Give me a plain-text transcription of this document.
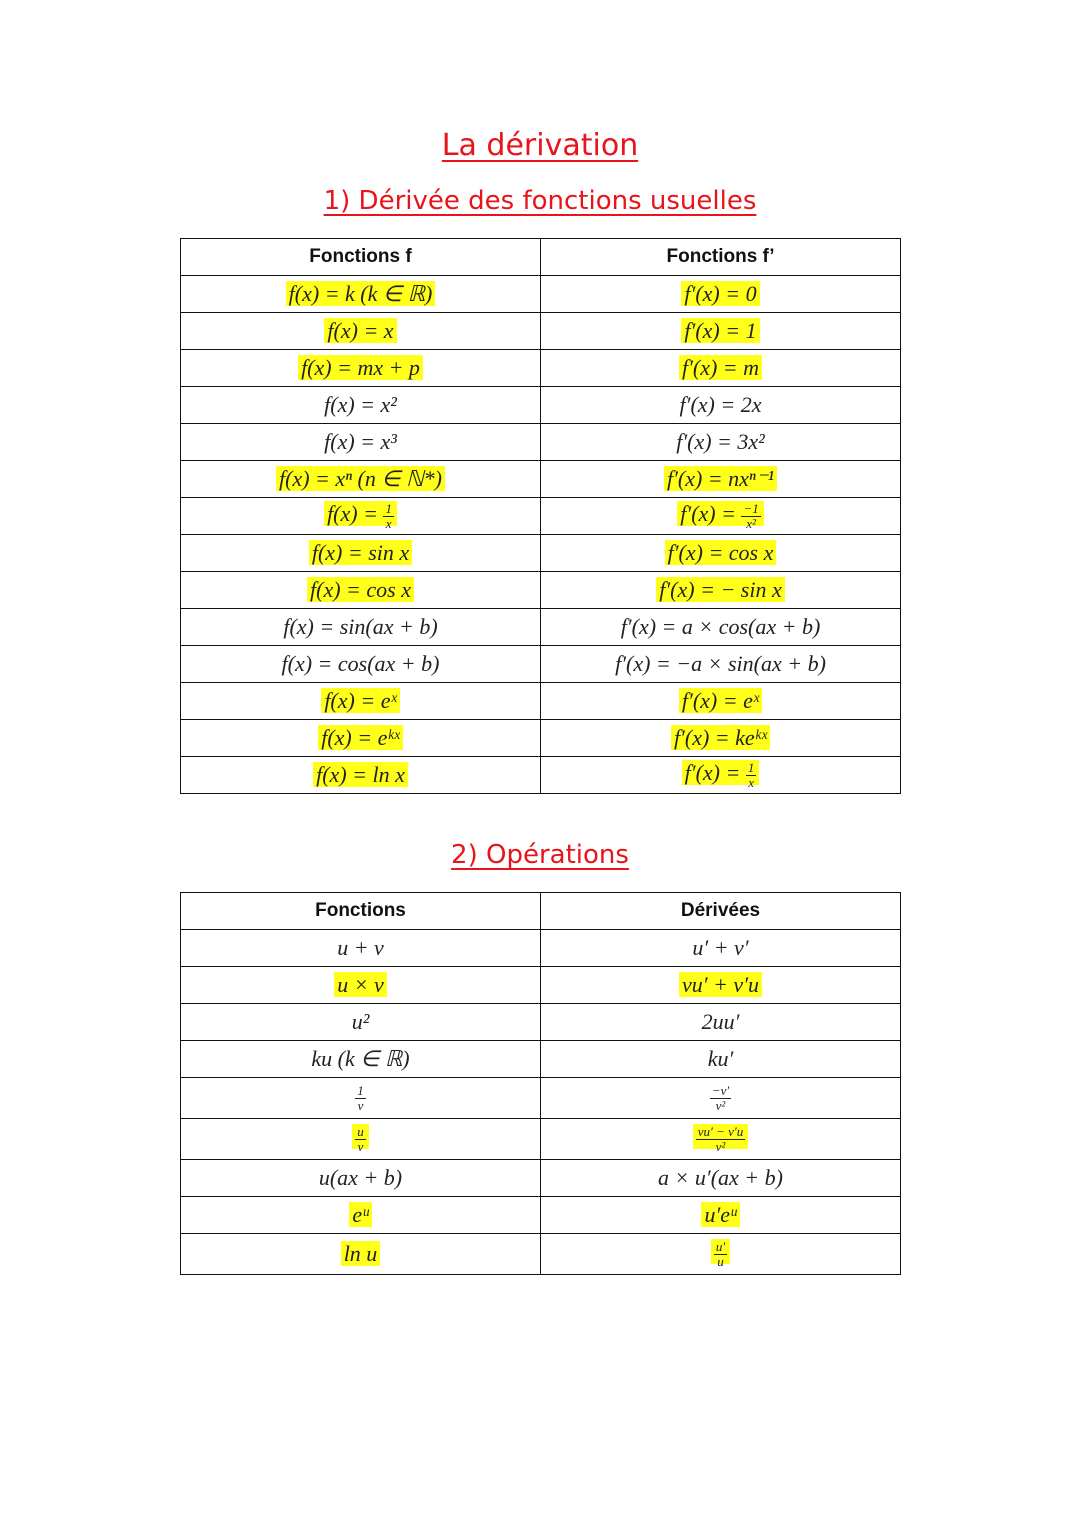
La dérivation
1) Dérivée des fonctions usuelles
Fonctions f	Fonctions f’
f(x) = k (k ∈ ℝ)	f′(x) = 0
f(x) = x	f′(x) = 1
f(x) = mx + p	f′(x) = m
f(x) = x²	f′(x) = 2x
f(x) = x³	f′(x) = 3x²
f(x) = xⁿ (n ∈ ℕ*)	f′(x) = nxⁿ⁻¹
$f(x) = \frac{1}{x}$	$f'(x) = \frac{-1}{\text{x²}}$

f(x) = sin x	f′(x) = cos x
f(x) = cos x	f′(x) = − sin x
f(x) = sin(ax + b)	f′(x) = a × cos(ax + b)
f(x) = cos(ax + b)	f′(x) = −a × sin(ax + b)
f(x) = eˣ	f′(x) = eˣ
f(x) = eᵏˣ	f′(x) = keᵏˣ
f(x) = ln x	$f'(x) = \frac{1}{x}$
2) Opérations
Fonctions	Dérivées
u + v	u′ + v′
u × v	vu′ + v′u
u²	2uu′
ku (k ∈ ℝ)	ku′

$\frac{1}{v}$	$\frac{-v'}{\text{v²}}$

$\frac{u}{v}$	$\frac{vu' - v'u}{\text{v²}}$

u(ax + b)	a × u′(ax + b)
eᵘ	u′eᵘ
ln u	$\frac{u'}{u}$
